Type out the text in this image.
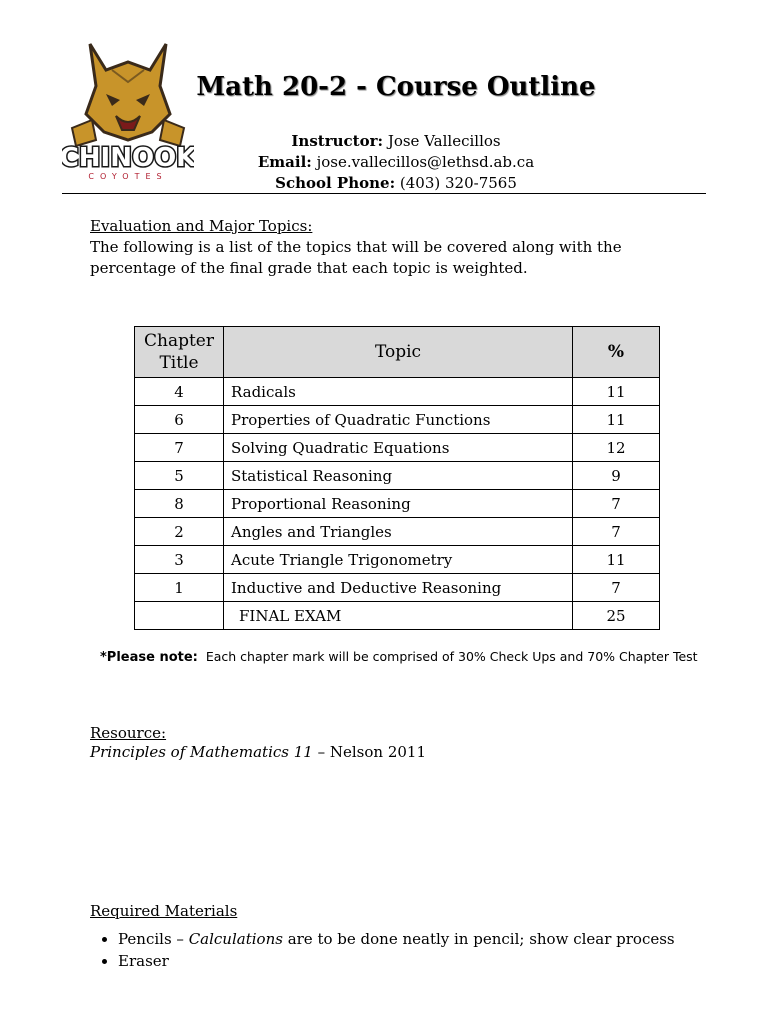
CHINOOK
COYOTES
Math 20-2 - Course Outline
Instructor: Jose Vallecillos
Email: jose.vallecillos@lethsd.ab.ca
School Phone: (403) 320-7565
Evaluation and Major Topics:
The following is a list of the topics that will be covered along with the percentage of the final grade that each topic is weighted.
Chapter Title	Topic	%
4	Radicals	11
6	Properties of Quadratic Functions	11
7	Solving Quadratic Equations	12
5	Statistical Reasoning	9
8	Proportional Reasoning	7
2	Angles and Triangles	7
3	Acute Triangle Trigonometry	11
1	Inductive and Deductive Reasoning	7
	FINAL EXAM	25
*Please note: Each chapter mark will be comprised of 30% Check Ups and 70% Chapter Test
Resource:
Principles of Mathematics 11 – Nelson 2011
Required Materials
• Pencils – Calculations are to be done neatly in pencil; show clear process
• Eraser
